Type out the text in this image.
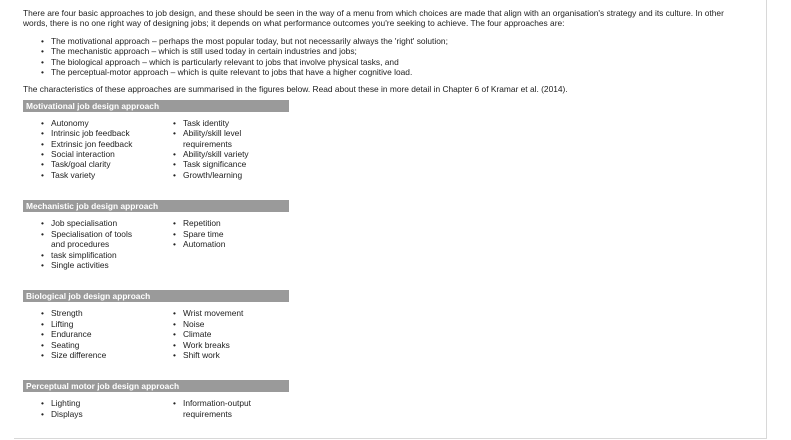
There are four basic approaches to job design, and these should be seen in the way of a menu from which choices are made that align with an organisation's strategy and its culture. In other words, there is no one right way of designing jobs; it depends on what performance outcomes you're seeking to achieve. The four approaches are:

• The motivational approach – perhaps the most popular today, but not necessarily always the 'right' solution;
• The mechanistic approach – which is still used today in certain industries and jobs;
• The biological approach – which is particularly relevant to jobs that involve physical tasks, and
• The perceptual-motor approach – which is quite relevant to jobs that have a higher cognitive load.

The characteristics of these approaches are summarised in the figures below. Read about these in more detail in Chapter 6 of Kramar et al. (2014).

Motivational job design approach
• Autonomy
• Intrinsic job feedback
• Extrinsic jon feedback
• Social interaction
• Task/goal clarity
• Task variety
• Task identity
• Ability/skill level requirements
• Ability/skill variety
• Task significance
• Growth/learning
Mechanistic job design approach
• Job specialisation
• Specialisation of tools and procedures
• task simplification
• Single activities
• Repetition
• Spare time
• Automation
Biological job design approach
• Strength
• Lifting
• Endurance
• Seating
• Size difference
• Wrist movement
• Noise
• Climate
• Work breaks
• Shift work
Perceptual motor job design approach
• Lighting
• Displays
• Information-output requirements
